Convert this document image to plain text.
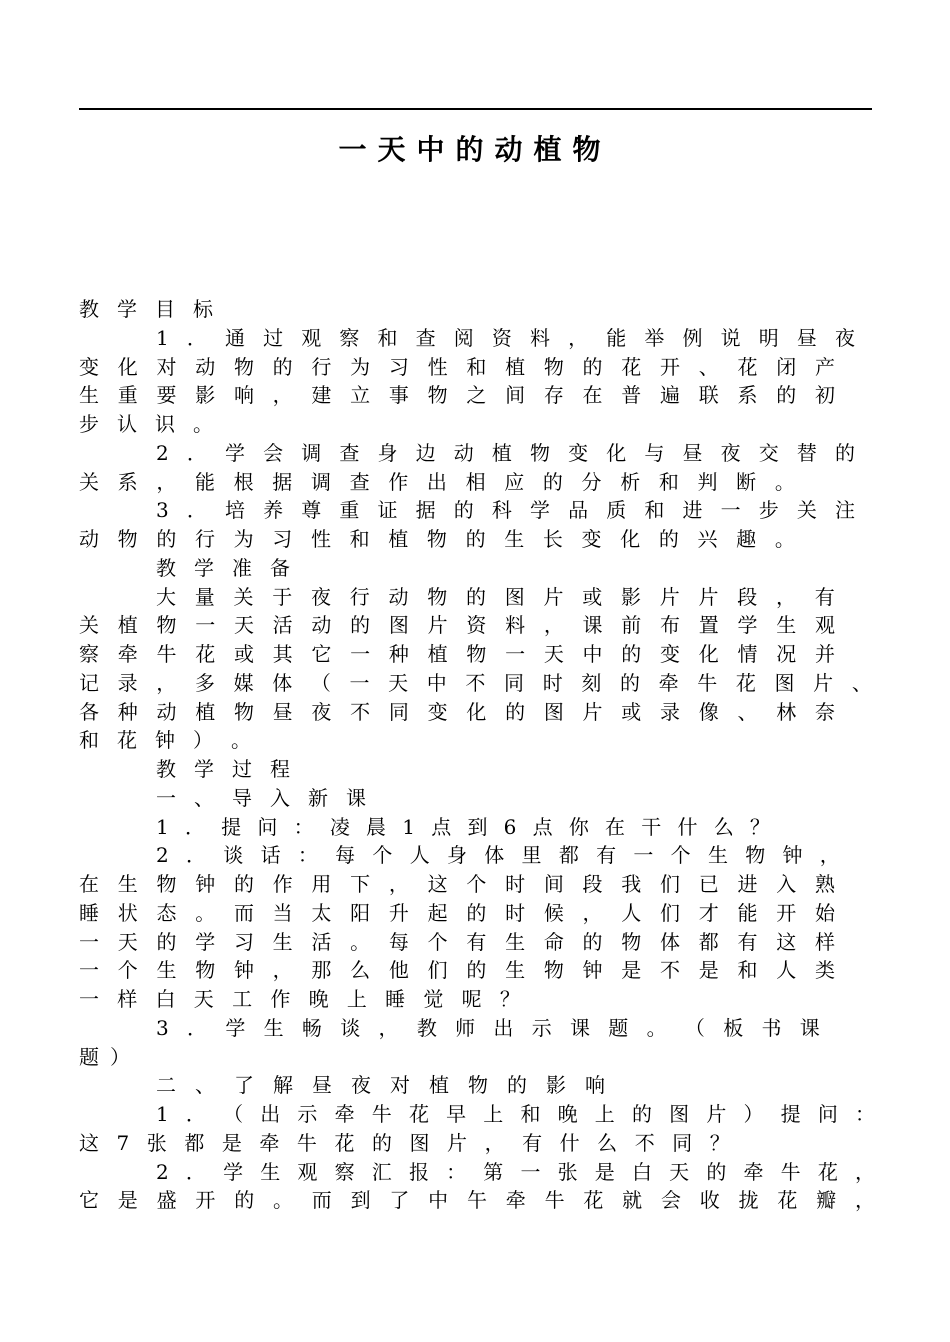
一天中的动植物
教 学 目 标
1 ． 通 过 观 察 和 查 阅 资 料 ， 能 举 例 说 明 昼 夜
变 化 对 动 物 的 行 为 习 性 和 植 物 的 花 开 、 花 闭 产
生 重 要 影 响 ， 建 立 事 物 之 间 存 在 普 遍 联 系 的 初
步 认 识 。
2 ． 学 会 调 查 身 边 动 植 物 变 化 与 昼 夜 交 替 的
关 系 ， 能 根 据 调 查 作 出 相 应 的 分 析 和 判 断 。
3 ． 培 养 尊 重 证 据 的 科 学 品 质 和 进 一 步 关 注
动 物 的 行 为 习 性 和 植 物 的 生 长 变 化 的 兴 趣 。
教 学 准 备
大 量 关 于 夜 行 动 物 的 图 片 或 影 片 片 段 ， 有
关 植 物 一 天 活 动 的 图 片 资 料 ， 课 前 布 置 学 生 观
察 牵 牛 花 或 其 它 一 种 植 物 一 天 中 的 变 化 情 况 并
记 录 ， 多 媒 体 （ 一 天 中 不 同 时 刻 的 牵 牛 花 图 片 、
各 种 动 植 物 昼 夜 不 同 变 化 的 图 片 或 录 像 、 林 奈
和 花 钟 ） 。
教 学 过 程
一 、 导 入 新 课
1 ． 提 问 ： 凌 晨 1 点 到 6 点 你 在 干 什 么 ？
2 ． 谈 话 ： 每 个 人 身 体 里 都 有 一 个 生 物 钟 ，
在 生 物 钟 的 作 用 下 ， 这 个 时 间 段 我 们 已 进 入 熟
睡 状 态 。 而 当 太 阳 升 起 的 时 候 ， 人 们 才 能 开 始
一 天 的 学 习 生 活 。 每 个 有 生 命 的 物 体 都 有 这 样
一 个 生 物 钟 ， 那 么 他 们 的 生 物 钟 是 不 是 和 人 类
一 样 白 天 工 作 晚 上 睡 觉 呢 ？
3 ． 学 生 畅 谈 ， 教 师 出 示 课 题 。 （ 板 书 课
题 ）
二 、 了 解 昼 夜 对 植 物 的 影 响
1 ． （ 出 示 牵 牛 花 早 上 和 晚 上 的 图 片 ） 提 问 ：
这 7 张 都 是 牵 牛 花 的 图 片 ， 有 什 么 不 同 ？
2 ． 学 生 观 察 汇 报 ： 第 一 张 是 白 天 的 牵 牛 花 ，
它 是 盛 开 的 。 而 到 了 中 午 牵 牛 花 就 会 收 拢 花 瓣 ，
